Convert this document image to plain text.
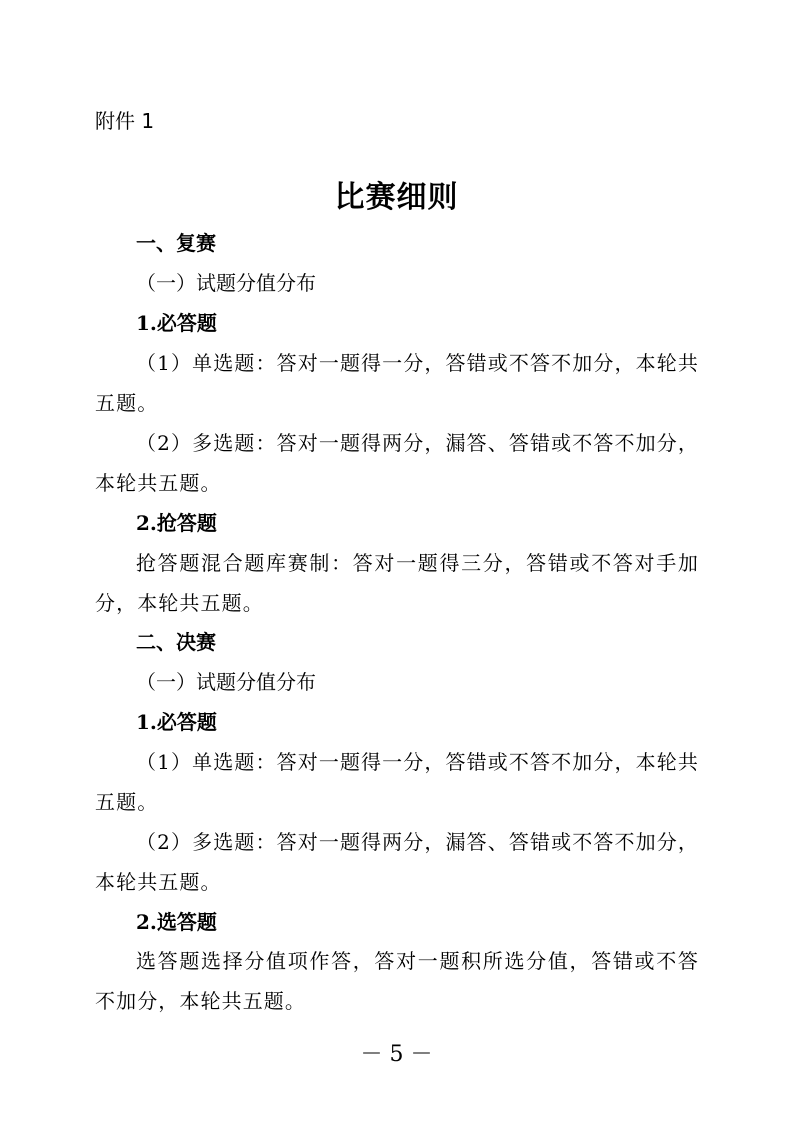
附件 1
比赛细则
一、复赛
（一）试题分值分布
1.必答题
（1）单选题：答对一题得一分，答错或不答不加分，本轮共五题。
（2）多选题：答对一题得两分，漏答、答错或不答不加分，本轮共五题。
2.抢答题
抢答题混合题库赛制：答对一题得三分，答错或不答对手加分，本轮共五题。
二、决赛
（一）试题分值分布
1.必答题
（1）单选题：答对一题得一分，答错或不答不加分，本轮共五题。
（2）多选题：答对一题得两分，漏答、答错或不答不加分，本轮共五题。
2.选答题
选答题选择分值项作答，答对一题积所选分值，答错或不答不加分，本轮共五题。
－ 5 －
